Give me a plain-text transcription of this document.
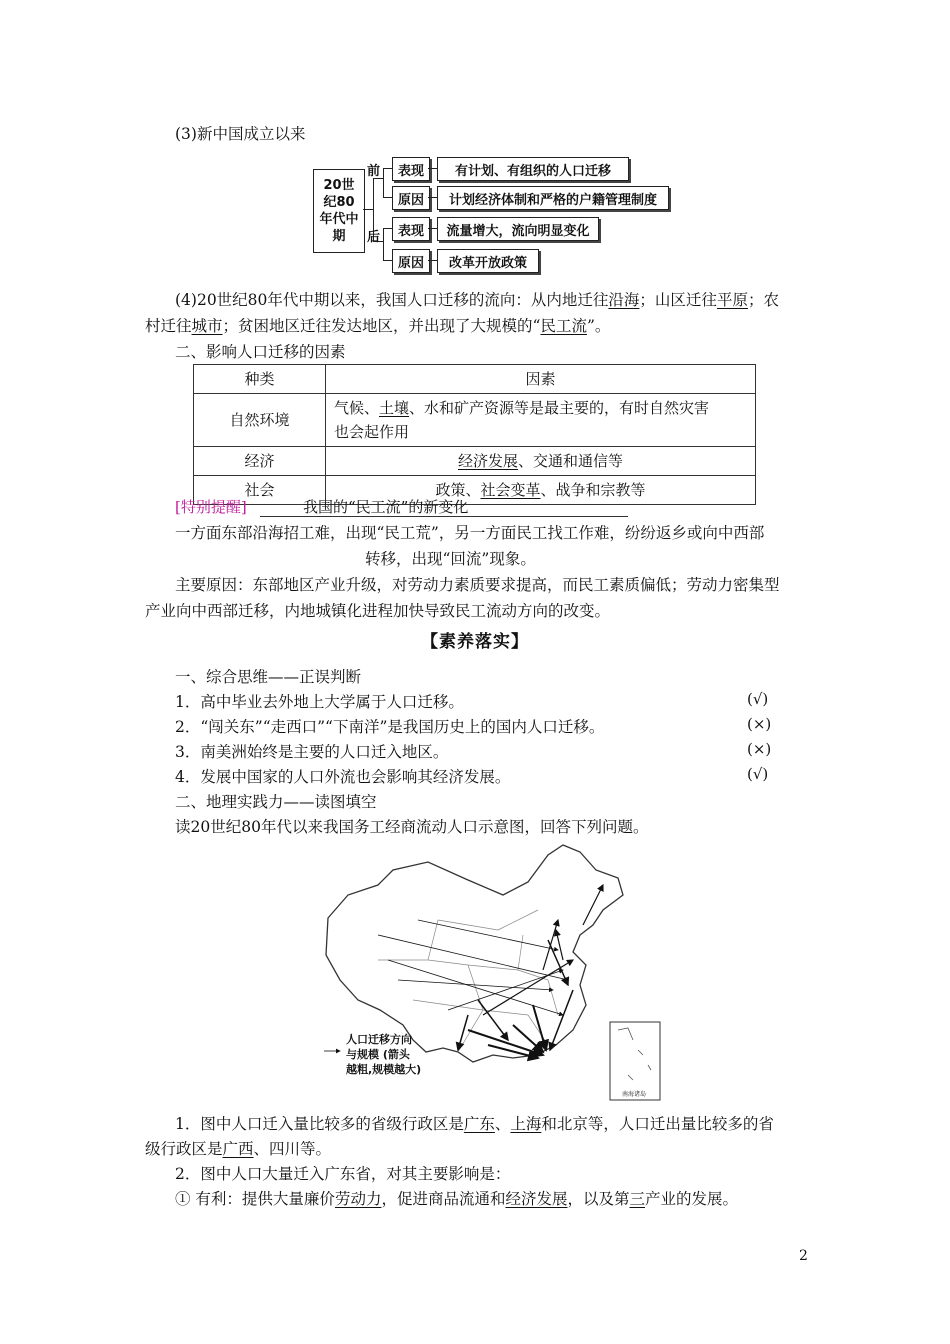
(3)新中国成立以来
20世纪80年代中期
前
后
表现 有计划、有组织的人口迁移
原因 计划经济体制和严格的户籍管理制度
表现 流量增大，流向明显变化
原因 改革开放政策
(4)20世纪80年代中期以来，我国人口迁移的流向：从内地迁往沿海；山区迁往平原；农
村迁往城市；贫困地区迁往发达地区，并出现了大规模的“民工流”。
二、影响人口迁移的因素
种类	因素
自然环境	气候、土壤、水和矿产资源等是最主要的，有时自然灾害
也会起作用
经济	经济发展、交通和通信等
社会	政策、社会变革、战争和宗教等
[特别提醒]	我国的“民工流”的新变化
一方面东部沿海招工难，出现“民工荒”，另一方面民工找工作难，纷纷返乡或向中西部
转移，出现“回流”现象。
主要原因：东部地区产业升级，对劳动力素质要求提高，而民工素质偏低；劳动力密集型
产业向中西部迁移，内地城镇化进程加快导致民工流动方向的改变。
【素养落实】
一、综合思维——正误判断
1．高中毕业去外地上大学属于人口迁移。	(√)
2．“闯关东”“走西口”“下南洋”是我国历史上的国内人口迁移。	(×)
3．南美洲始终是主要的人口迁入地区。	(×)
4．发展中国家的人口外流也会影响其经济发展。	(√)
二、地理实践力——读图填空
读20世纪80年代以来我国务工经商流动人口示意图，回答下列问题。
南海诸岛
人口迁移方向
与规模 (箭头
越粗,规模越大)
1．图中人口迁入量比较多的省级行政区是广东、上海和北京等，人口迁出量比较多的省
级行政区是广西、四川等。
2．图中人口大量迁入广东省，对其主要影响是：
① 有利：提供大量廉价劳动力，促进商品流通和经济发展，以及第三产业的发展。
2
